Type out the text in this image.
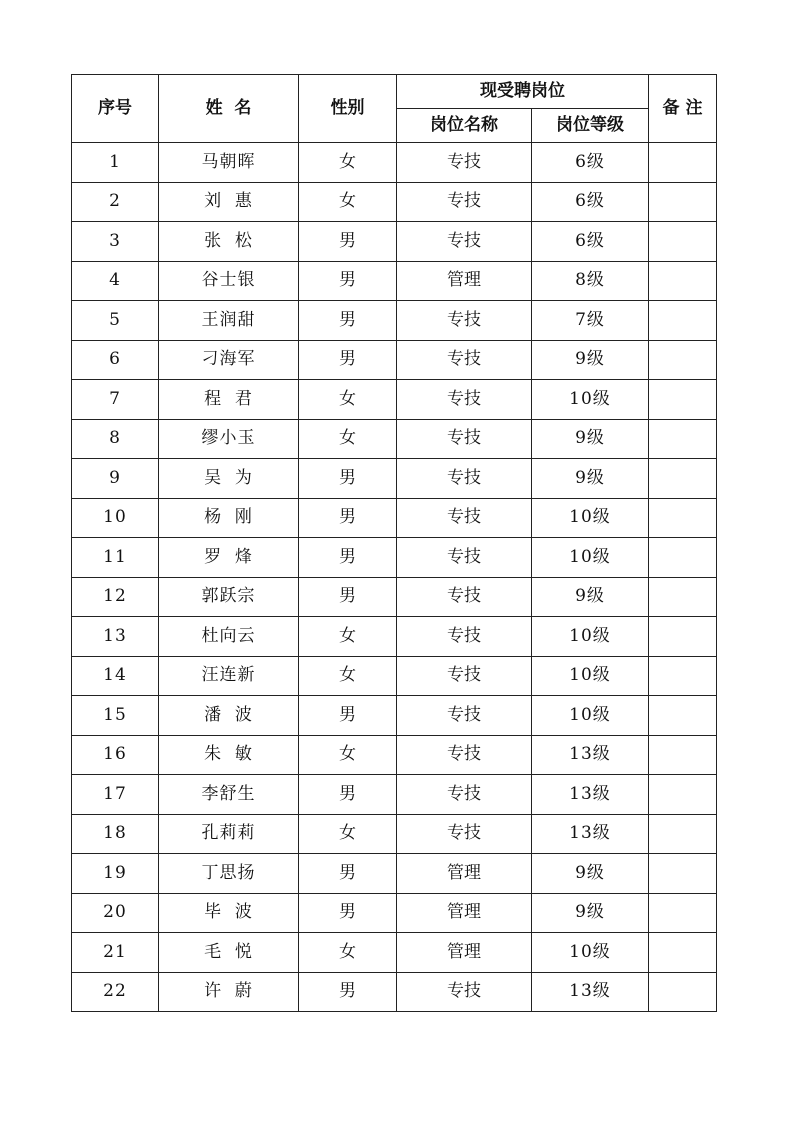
序号	姓  名	性别	现受聘岗位		备 注
			岗位名称	岗位等级	
1	马朝晖	女	专技	6级	
2	刘  惠	女	专技	6级	
3	张  松	男	专技	6级	
4	谷士银	男	管理	8级	
5	王润甜	男	专技	7级	
6	刁海军	男	专技	9级	
7	程  君	女	专技	10级	
8	缪小玉	女	专技	9级	
9	吴  为	男	专技	9级	
10	杨  刚	男	专技	10级	
11	罗  烽	男	专技	10级	
12	郭跃宗	男	专技	9级	
13	杜向云	女	专技	10级	
14	汪连新	女	专技	10级	
15	潘  波	男	专技	10级	
16	朱  敏	女	专技	13级	
17	李舒生	男	专技	13级	
18	孔莉莉	女	专技	13级	
19	丁思扬	男	管理	9级	
20	毕  波	男	管理	9级	
21	毛  悦	女	管理	10级	
22	许  蔚	男	专技	13级	
